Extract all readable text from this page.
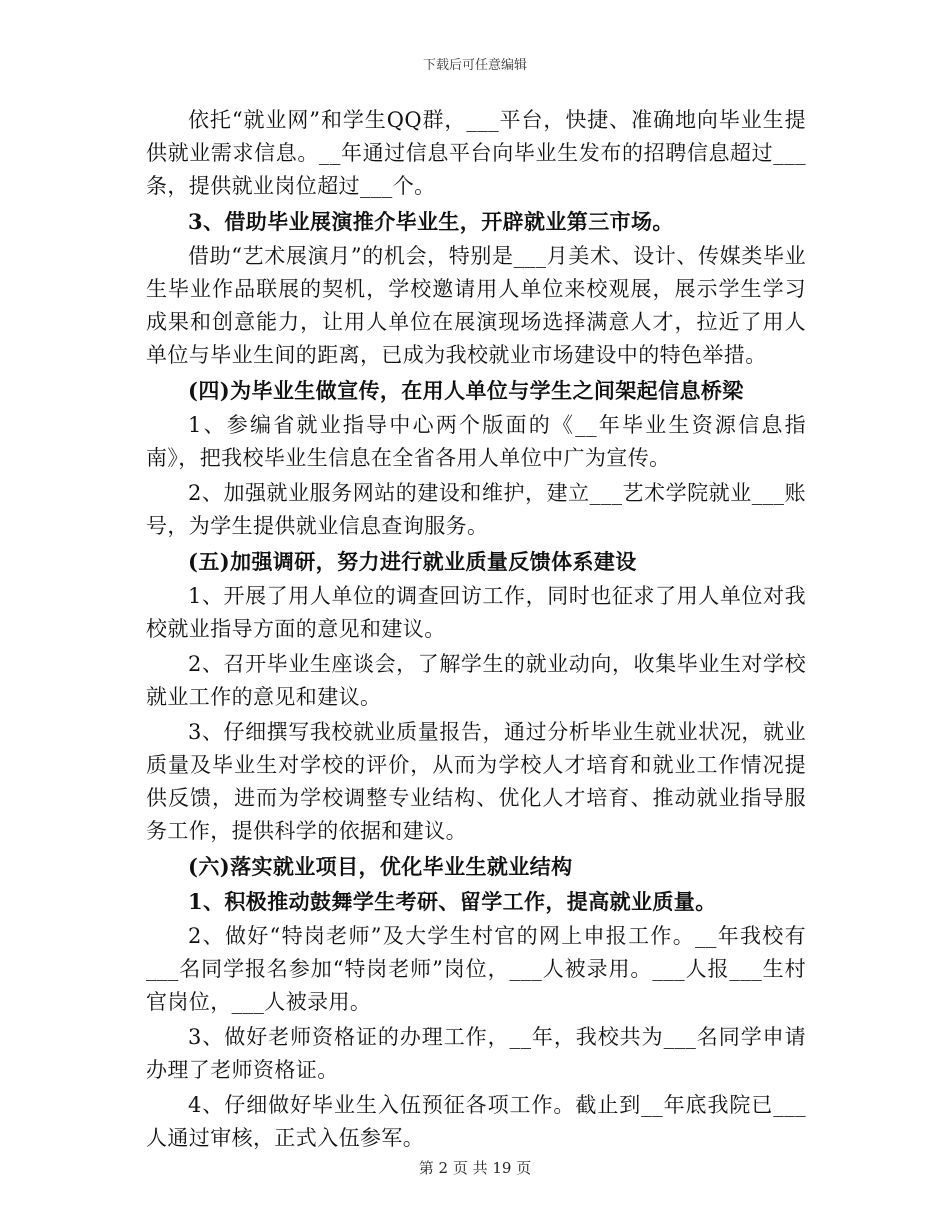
下载后可任意编辑

依托“就业网”和学生QQ群，___平台，快捷、准确地向毕业生提供就业需求信息。__年通过信息平台向毕业生发布的招聘信息超过___条，提供就业岗位超过___个。

3、借助毕业展演推介毕业生，开辟就业第三市场。

借助“艺术展演月”的机会，特别是___月美术、设计、传媒类毕业生毕业作品联展的契机，学校邀请用人单位来校观展，展示学生学习成果和创意能力，让用人单位在展演现场选择满意人才，拉近了用人单位与毕业生间的距离，已成为我校就业市场建设中的特色举措。

(四)为毕业生做宣传，在用人单位与学生之间架起信息桥梁

1、参编省就业指导中心两个版面的《__年毕业生资源信息指南》，把我校毕业生信息在全省各用人单位中广为宣传。

2、加强就业服务网站的建设和维护，建立___艺术学院就业___账号，为学生提供就业信息查询服务。

(五)加强调研，努力进行就业质量反馈体系建设

1、开展了用人单位的调查回访工作，同时也征求了用人单位对我校就业指导方面的意见和建议。

2、召开毕业生座谈会，了解学生的就业动向，收集毕业生对学校就业工作的意见和建议。

3、仔细撰写我校就业质量报告，通过分析毕业生就业状况，就业质量及毕业生对学校的评价，从而为学校人才培育和就业工作情况提供反馈，进而为学校调整专业结构、优化人才培育、推动就业指导服务工作，提供科学的依据和建议。

(六)落实就业项目，优化毕业生就业结构

1、积极推动鼓舞学生考研、留学工作，提高就业质量。

2、做好“特岗老师”及大学生村官的网上申报工作。__年我校有___名同学报名参加“特岗老师”岗位，___人被录用。___人报___生村官岗位，___人被录用。

3、做好老师资格证的办理工作，__年，我校共为___名同学申请办理了老师资格证。

4、仔细做好毕业生入伍预征各项工作。截止到__年底我院已___人通过审核，正式入伍参军。

第 2 页 共 19 页
